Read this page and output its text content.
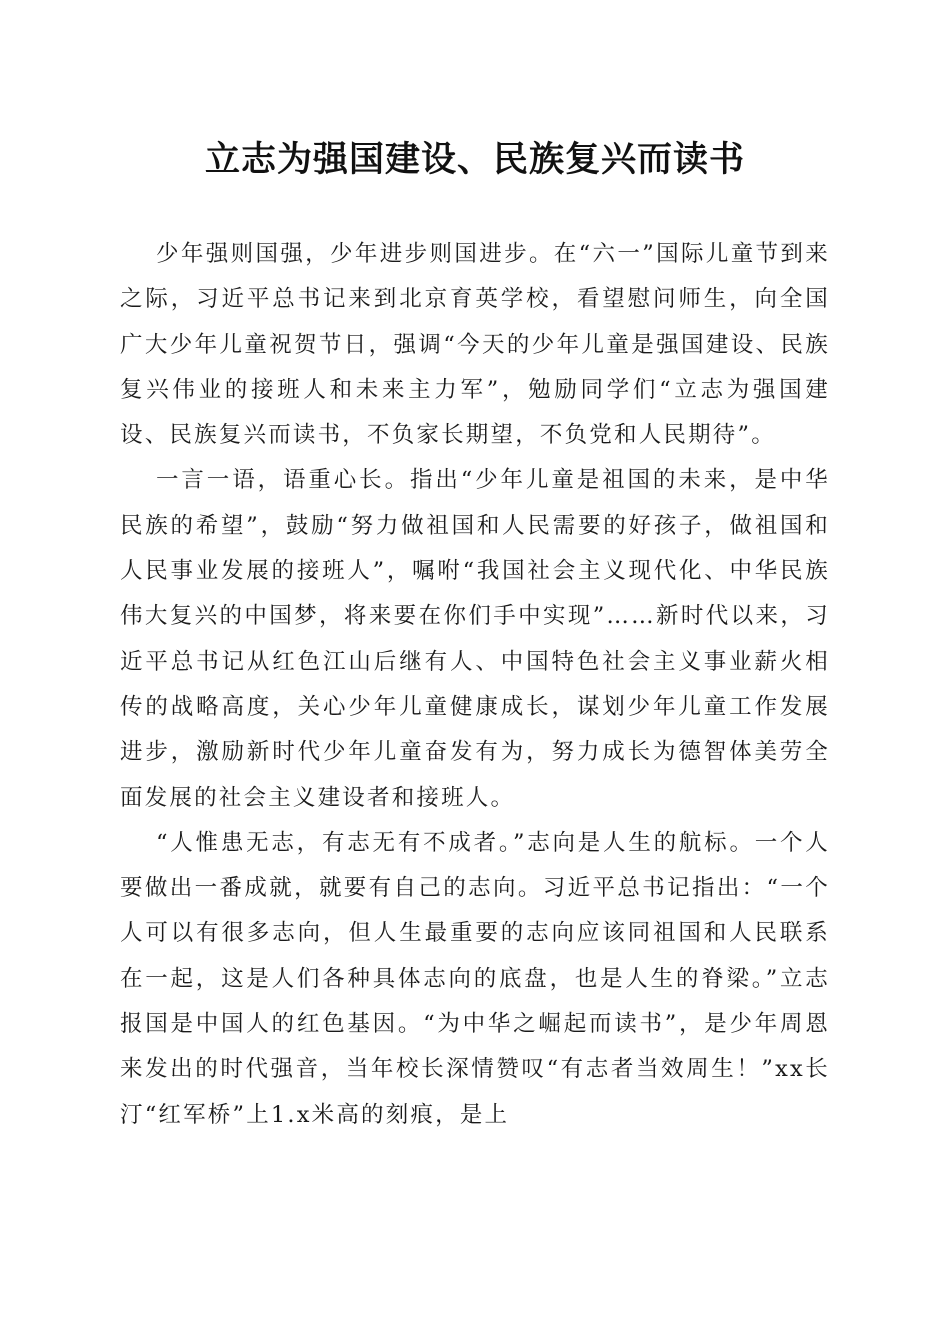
立志为强国建设、民族复兴而读书

少年强则国强，少年进步则国进步。在“六一”国际儿童节到来之际，习近平总书记来到北京育英学校，看望慰问师生，向全国广大少年儿童祝贺节日，强调“今天的少年儿童是强国建设、民族复兴伟业的接班人和未来主力军”，勉励同学们“立志为强国建设、民族复兴而读书，不负家长期望，不负党和人民期待”。

一言一语，语重心长。指出“少年儿童是祖国的未来，是中华民族的希望”，鼓励“努力做祖国和人民需要的好孩子，做祖国和人民事业发展的接班人”，嘱咐“我国社会主义现代化、中华民族伟大复兴的中国梦，将来要在你们手中实现”……新时代以来，习近平总书记从红色江山后继有人、中国特色社会主义事业薪火相传的战略高度，关心少年儿童健康成长，谋划少年儿童工作发展进步，激励新时代少年儿童奋发有为，努力成长为德智体美劳全面发展的社会主义建设者和接班人。

“人惟患无志，有志无有不成者。”志向是人生的航标。一个人要做出一番成就，就要有自己的志向。习近平总书记指出：“一个人可以有很多志向，但人生最重要的志向应该同祖国和人民联系在一起，这是人们各种具体志向的底盘，也是人生的脊梁。”立志报国是中国人的红色基因。“为中华之崛起而读书”，是少年周恩来发出的时代强音，当年校长深情赞叹“有志者当效周生！”xx长汀“红军桥”上1.x米高的刻痕，是上
